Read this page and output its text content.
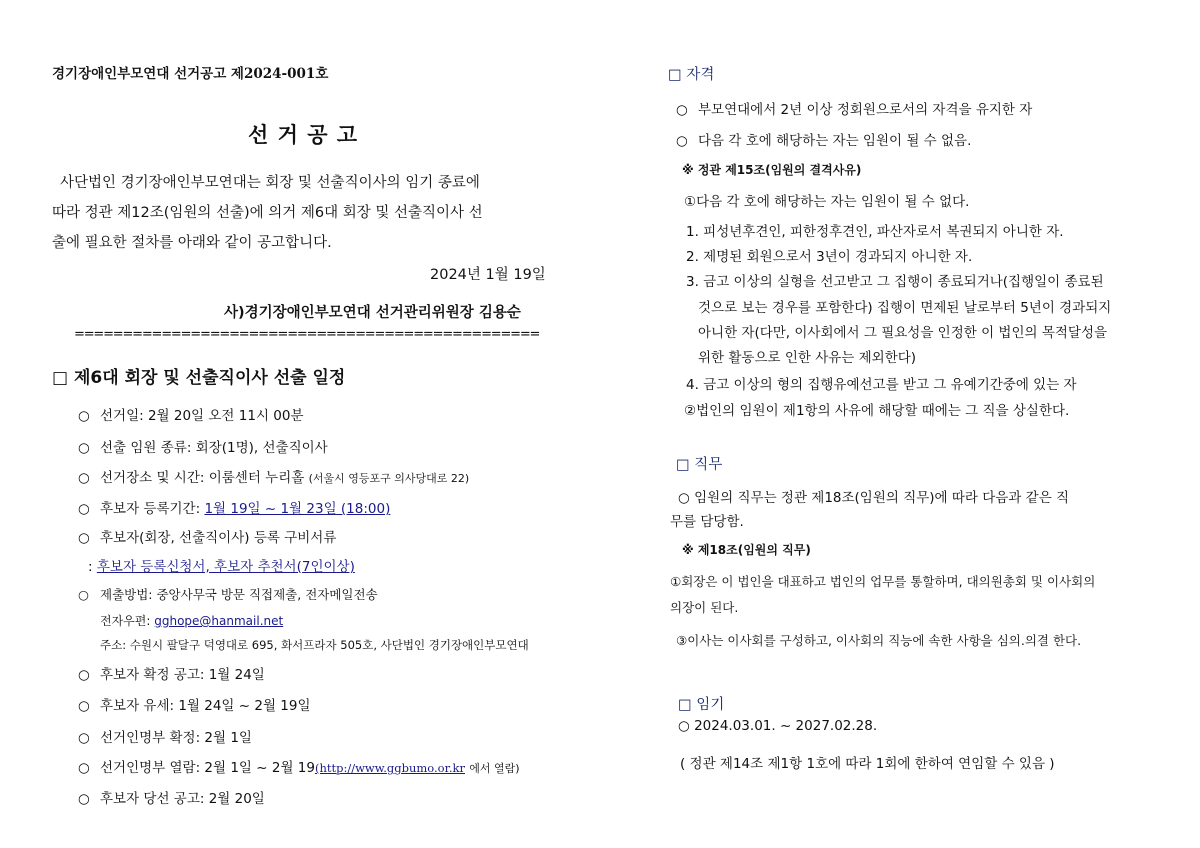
경기장애인부모연대 선거공고 제2024-001호
선 거 공 고
사단법인 경기장애인부모연대는 회장 및 선출직이사의 임기 종료에
따라 정관 제12조(임원의 선출)에 의거 제6대 회장 및 선출직이사 선
출에 필요한 절차를 아래와 같이 공고합니다.
2024년 1월 19일
사)경기장애인부모연대 선거관리위원장 김용순
================================================
□ 제6대 회장 및 선출직이사 선출 일정
○ 선거일: 2월 20일 오전 11시 00분
○ 선출 임원 종류: 회장(1명), 선출직이사
○ 선거장소 및 시간: 이룸센터 누리홀 (서울시 영등포구 의사당대로 22)
○ 후보자 등록기간: 1월 19일 ~ 1월 23일 (18:00)
○ 후보자(회장, 선출직이사) 등록 구비서류
: 후보자 등록신청서, 후보자 추천서(7인이상)
○ 제출방법: 중앙사무국 방문 직접제출, 전자메일전송
전자우편: gghope@hanmail.net
주소: 수원시 팔달구 덕영대로 695, 화서프라자 505호, 사단법인 경기장애인부모연대
○ 후보자 확정 공고: 1월 24일
○ 후보자 유세: 1월 24일 ~ 2월 19일
○ 선거인명부 확정: 2월 1일
○ 선거인명부 열람: 2월 1일 ~ 2월 19(http://www.ggbumo.or.kr 에서 열람)
○ 후보자 당선 공고: 2월 20일
□ 자격
○ 부모연대에서 2년 이상 정회원으로서의 자격을 유지한 자
○ 다음 각 호에 해당하는 자는 임원이 될 수 없음.
※ 정관 제15조(임원의 결격사유)
①다음 각 호에 해당하는 자는 임원이 될 수 없다.
1. 피성년후견인, 피한정후견인, 파산자로서 복권되지 아니한 자.
2. 제명된 회원으로서 3년이 경과되지 아니한 자.
3. 금고 이상의 실형을 선고받고 그 집행이 종료되거나(집행일이 종료된
것으로 보는 경우를 포함한다) 집행이 면제된 날로부터 5년이 경과되지
아니한 자(다만, 이사회에서 그 필요성을 인정한 이 법인의 목적달성을
위한 활동으로 인한 사유는 제외한다)
4. 금고 이상의 형의 집행유예선고를 받고 그 유예기간중에 있는 자
②법인의 임원이 제1항의 사유에 해당할 때에는 그 직을 상실한다.
□ 직무
○ 임원의 직무는 정관 제18조(임원의 직무)에 따라 다음과 같은 직
무를 담당함.
※ 제18조(임원의 직무)
①회장은 이 법인을 대표하고 법인의 업무를 통할하며, 대의원총회 및 이사회의
의장이 된다.
③이사는 이사회를 구성하고, 이사회의 직능에 속한 사항을 심의.의결 한다.
□ 임기
○ 2024.03.01. ~ 2027.02.28.
( 정관 제14조 제1항 1호에 따라 1회에 한하여 연임할 수 있음 )
